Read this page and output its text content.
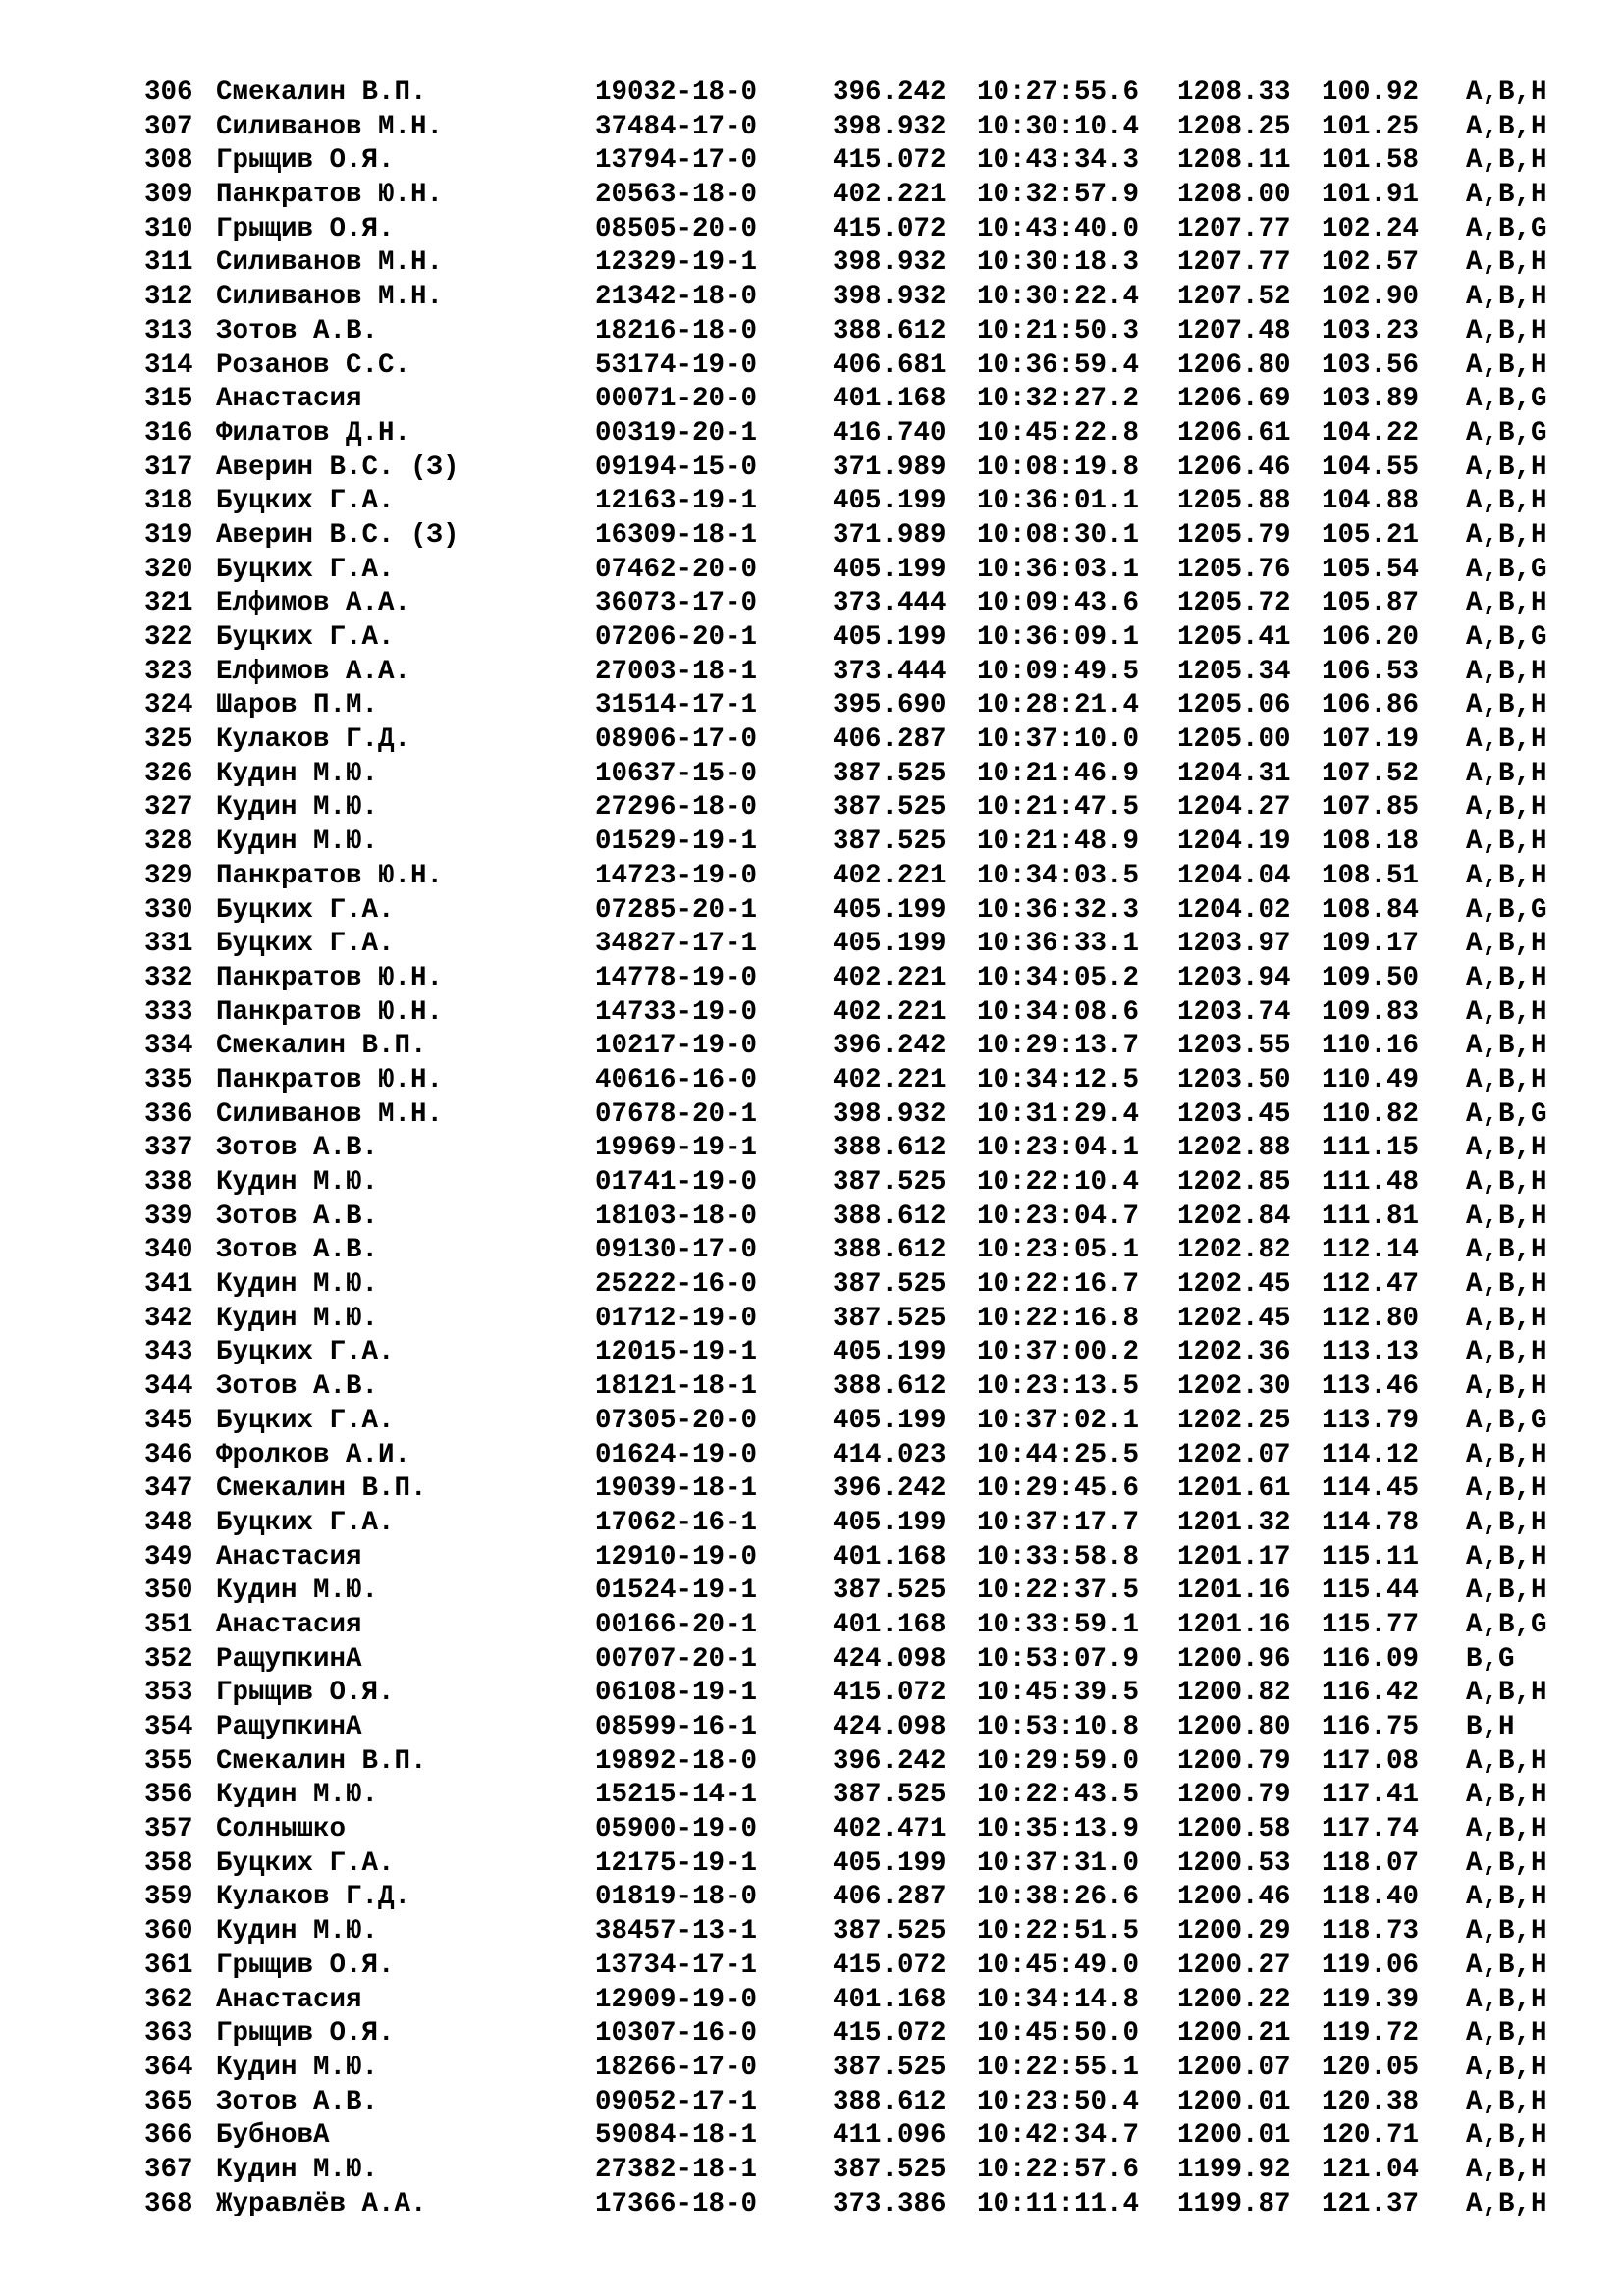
306 Смекалин В.П.	19032-18-0	396.242 10:27:55.6 1208.33 100.92 A,B,H
307 Силиванов М.Н.	37484-17-0	398.932 10:30:10.4 1208.25 101.25 A,B,H
308 Грыщив О.Я.	13794-17-0	415.072 10:43:34.3 1208.11 101.58 A,B,H
309 Панкратов Ю.Н.	20563-18-0	402.221 10:32:57.9 1208.00 101.91 A,B,H
310 Грыщив О.Я.	08505-20-0	415.072 10:43:40.0 1207.77 102.24 A,B,G
311 Силиванов М.Н.	12329-19-1	398.932 10:30:18.3 1207.77 102.57 A,B,H
312 Силиванов М.Н.	21342-18-0	398.932 10:30:22.4 1207.52 102.90 A,B,H
313 Зотов А.В.	18216-18-0	388.612 10:21:50.3 1207.48 103.23 A,B,H
314 Розанов С.С.	53174-19-0	406.681 10:36:59.4 1206.80 103.56 A,B,H
315 Анастасия	00071-20-0	401.168 10:32:27.2 1206.69 103.89 A,B,G
316 Филатов Д.Н.	00319-20-1	416.740 10:45:22.8 1206.61 104.22 A,B,G
317 Аверин В.С. (З)	09194-15-0	371.989 10:08:19.8 1206.46 104.55 A,B,H
318 Буцких Г.А.	12163-19-1	405.199 10:36:01.1 1205.88 104.88 A,B,H
319 Аверин В.С. (З)	16309-18-1	371.989 10:08:30.1 1205.79 105.21 A,B,H
320 Буцких Г.А.	07462-20-0	405.199 10:36:03.1 1205.76 105.54 A,B,G
321 Елфимов А.А.	36073-17-0	373.444 10:09:43.6 1205.72 105.87 A,B,H
322 Буцких Г.А.	07206-20-1	405.199 10:36:09.1 1205.41 106.20 A,B,G
323 Елфимов А.А.	27003-18-1	373.444 10:09:49.5 1205.34 106.53 A,B,H
324 Шаров П.М.	31514-17-1	395.690 10:28:21.4 1205.06 106.86 A,B,H
325 Кулаков Г.Д.	08906-17-0	406.287 10:37:10.0 1205.00 107.19 A,B,H
326 Кудин М.Ю.	10637-15-0	387.525 10:21:46.9 1204.31 107.52 A,B,H
327 Кудин М.Ю.	27296-18-0	387.525 10:21:47.5 1204.27 107.85 A,B,H
328 Кудин М.Ю.	01529-19-1	387.525 10:21:48.9 1204.19 108.18 A,B,H
329 Панкратов Ю.Н.	14723-19-0	402.221 10:34:03.5 1204.04 108.51 A,B,H
330 Буцких Г.А.	07285-20-1	405.199 10:36:32.3 1204.02 108.84 A,B,G
331 Буцких Г.А.	34827-17-1	405.199 10:36:33.1 1203.97 109.17 A,B,H
332 Панкратов Ю.Н.	14778-19-0	402.221 10:34:05.2 1203.94 109.50 A,B,H
333 Панкратов Ю.Н.	14733-19-0	402.221 10:34:08.6 1203.74 109.83 A,B,H
334 Смекалин В.П.	10217-19-0	396.242 10:29:13.7 1203.55 110.16 A,B,H
335 Панкратов Ю.Н.	40616-16-0	402.221 10:34:12.5 1203.50 110.49 A,B,H
336 Силиванов М.Н.	07678-20-1	398.932 10:31:29.4 1203.45 110.82 A,B,G
337 Зотов А.В.	19969-19-1	388.612 10:23:04.1 1202.88 111.15 A,B,H
338 Кудин М.Ю.	01741-19-0	387.525 10:22:10.4 1202.85 111.48 A,B,H
339 Зотов А.В.	18103-18-0	388.612 10:23:04.7 1202.84 111.81 A,B,H
340 Зотов А.В.	09130-17-0	388.612 10:23:05.1 1202.82 112.14 A,B,H
341 Кудин М.Ю.	25222-16-0	387.525 10:22:16.7 1202.45 112.47 A,B,H
342 Кудин М.Ю.	01712-19-0	387.525 10:22:16.8 1202.45 112.80 A,B,H
343 Буцких Г.А.	12015-19-1	405.199 10:37:00.2 1202.36 113.13 A,B,H
344 Зотов А.В.	18121-18-1	388.612 10:23:13.5 1202.30 113.46 A,B,H
345 Буцких Г.А.	07305-20-0	405.199 10:37:02.1 1202.25 113.79 A,B,G
346 Фролков А.И.	01624-19-0	414.023 10:44:25.5 1202.07 114.12 A,B,H
347 Смекалин В.П.	19039-18-1	396.242 10:29:45.6 1201.61 114.45 A,B,H
348 Буцких Г.А.	17062-16-1	405.199 10:37:17.7 1201.32 114.78 A,B,H
349 Анастасия	12910-19-0	401.168 10:33:58.8 1201.17 115.11 A,B,H
350 Кудин М.Ю.	01524-19-1	387.525 10:22:37.5 1201.16 115.44 A,B,H
351 Анастасия	00166-20-1	401.168 10:33:59.1 1201.16 115.77 A,B,G
352 РащупкинА	00707-20-1	424.098 10:53:07.9 1200.96 116.09 B,G
353 Грыщив О.Я.	06108-19-1	415.072 10:45:39.5 1200.82 116.42 A,B,H
354 РащупкинА	08599-16-1	424.098 10:53:10.8 1200.80 116.75 B,H
355 Смекалин В.П.	19892-18-0	396.242 10:29:59.0 1200.79 117.08 A,B,H
356 Кудин М.Ю.	15215-14-1	387.525 10:22:43.5 1200.79 117.41 A,B,H
357 Солнышко	05900-19-0	402.471 10:35:13.9 1200.58 117.74 A,B,H
358 Буцких Г.А.	12175-19-1	405.199 10:37:31.0 1200.53 118.07 A,B,H
359 Кулаков Г.Д.	01819-18-0	406.287 10:38:26.6 1200.46 118.40 A,B,H
360 Кудин М.Ю.	38457-13-1	387.525 10:22:51.5 1200.29 118.73 A,B,H
361 Грыщив О.Я.	13734-17-1	415.072 10:45:49.0 1200.27 119.06 A,B,H
362 Анастасия	12909-19-0	401.168 10:34:14.8 1200.22 119.39 A,B,H
363 Грыщив О.Я.	10307-16-0	415.072 10:45:50.0 1200.21 119.72 A,B,H
364 Кудин М.Ю.	18266-17-0	387.525 10:22:55.1 1200.07 120.05 A,B,H
365 Зотов А.В.	09052-17-1	388.612 10:23:50.4 1200.01 120.38 A,B,H
366 БубновА	59084-18-1	411.096 10:42:34.7 1200.01 120.71 A,B,H
367 Кудин М.Ю.	27382-18-1	387.525 10:22:57.6 1199.92 121.04 A,B,H
368 Журавлёв А.А.	17366-18-0	373.386 10:11:11.4 1199.87 121.37 A,B,H
